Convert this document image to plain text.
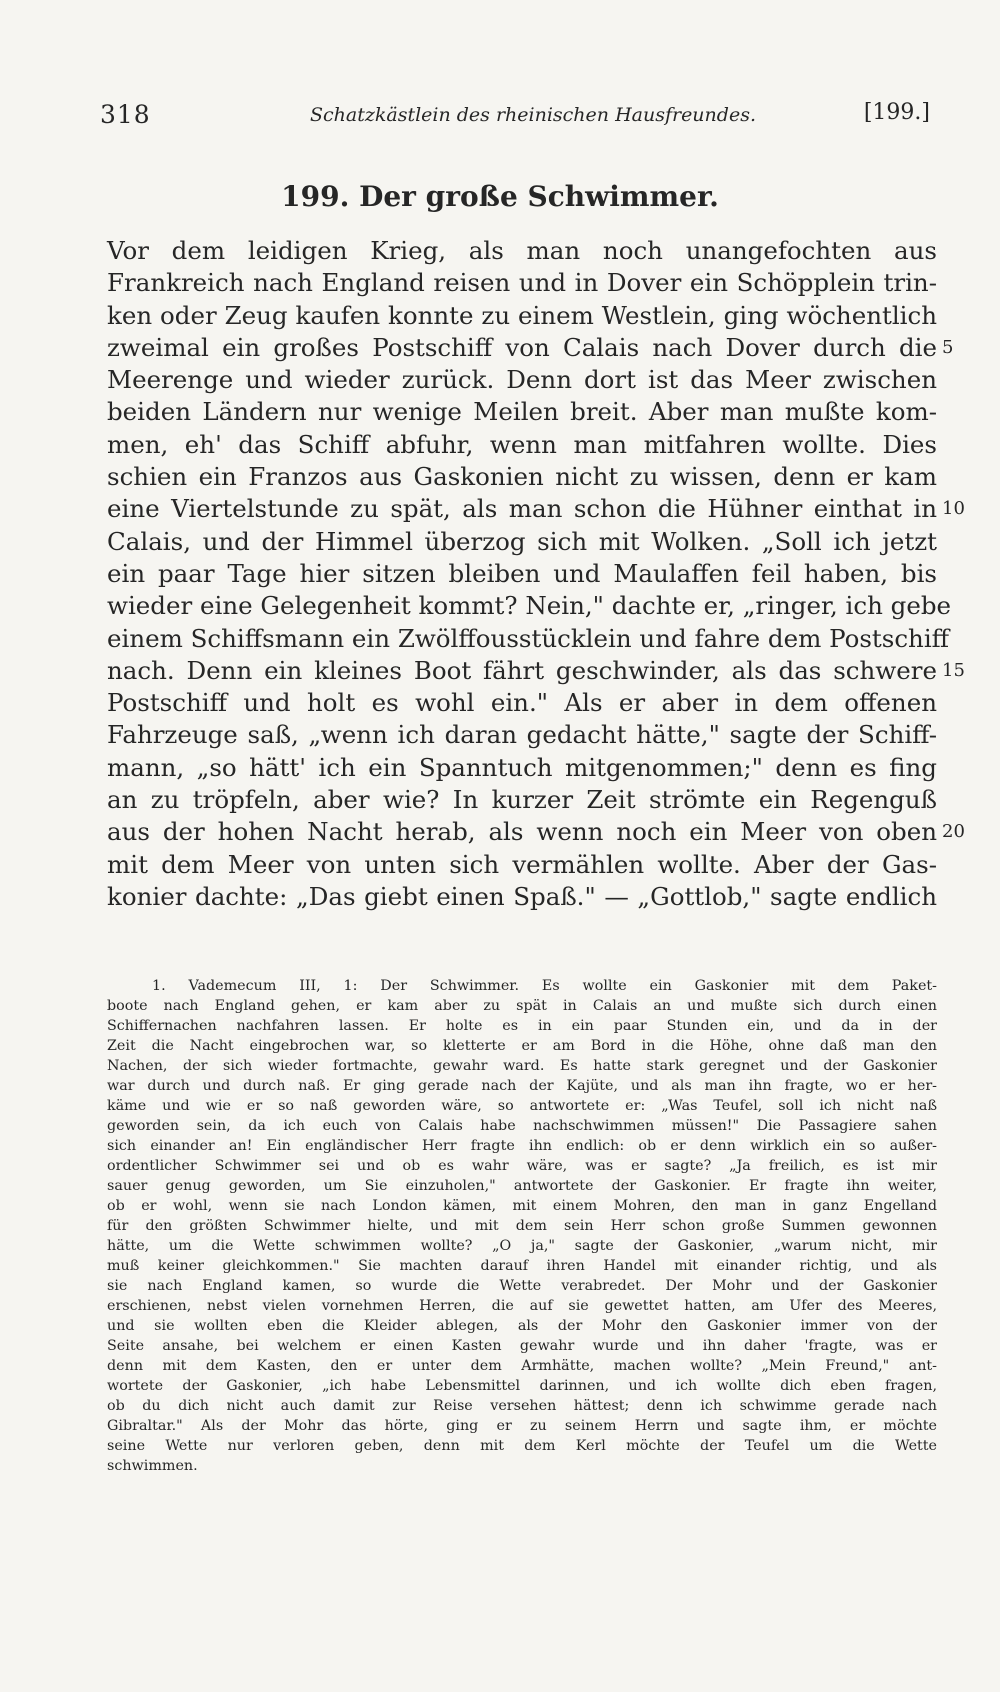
318	Schatzkästlein des rheinischen Hausfreundes.	[199.]
199. Der große Schwimmer.
Vor dem leidigen Krieg, als man noch unangefochten aus
Frankreich nach England reisen und in Dover ein Schöpplein trin-
ken oder Zeug kaufen konnte zu einem Westlein, ging wöchentlich
zweimal ein großes Postschiff von Calais nach Dover durch die 5
Meerenge und wieder zurück. Denn dort ist das Meer zwischen
beiden Ländern nur wenige Meilen breit. Aber man mußte kom-
men, eh' das Schiff abfuhr, wenn man mitfahren wollte. Dies
schien ein Franzos aus Gaskonien nicht zu wissen, denn er kam
eine Viertelstunde zu spät, als man schon die Hühner einthat in 10
Calais, und der Himmel überzog sich mit Wolken. „Soll ich jetzt
ein paar Tage hier sitzen bleiben und Maulaffen feil haben, bis
wieder eine Gelegenheit kommt? Nein," dachte er, „ringer, ich gebe
einem Schiffsmann ein Zwölffousstücklein und fahre dem Postschiff
nach. Denn ein kleines Boot fährt geschwinder, als das schwere 15
Postschiff und holt es wohl ein." Als er aber in dem offenen
Fahrzeuge saß, „wenn ich daran gedacht hätte," sagte der Schiff-
mann, „so hätt' ich ein Spanntuch mitgenommen;" denn es fing
an zu tröpfeln, aber wie? In kurzer Zeit strömte ein Regenguß
aus der hohen Nacht herab, als wenn noch ein Meer von oben 20
mit dem Meer von unten sich vermählen wollte. Aber der Gas-
konier dachte: „Das giebt einen Spaß." — „Gottlob," sagte endlich
1. Vademecum III, 1: Der Schwimmer. Es wollte ein Gaskonier mit dem Paket-
boote nach England gehen, er kam aber zu spät in Calais an und mußte sich durch einen
Schiffernachen nachfahren lassen. Er holte es in ein paar Stunden ein, und da in der
Zeit die Nacht eingebrochen war, so kletterte er am Bord in die Höhe, ohne daß man den
Nachen, der sich wieder fortmachte, gewahr ward. Es hatte stark geregnet und der Gaskonier
war durch und durch naß. Er ging gerade nach der Kajüte, und als man ihn fragte, wo er her-
käme und wie er so naß geworden wäre, so antwortete er: „Was Teufel, soll ich nicht naß
geworden sein, da ich euch von Calais habe nachschwimmen müssen!" Die Passagiere sahen
sich einander an! Ein engländischer Herr fragte ihn endlich: ob er denn wirklich ein so außer-
ordentlicher Schwimmer sei und ob es wahr wäre, was er sagte? „Ja freilich, es ist mir
sauer genug geworden, um Sie einzuholen," antwortete der Gaskonier. Er fragte ihn weiter,
ob er wohl, wenn sie nach London kämen, mit einem Mohren, den man in ganz Engelland
für den größten Schwimmer hielte, und mit dem sein Herr schon große Summen gewonnen
hätte, um die Wette schwimmen wollte? „O ja," sagte der Gaskonier, „warum nicht, mir
muß keiner gleichkommen." Sie machten darauf ihren Handel mit einander richtig, und als
sie nach England kamen, so wurde die Wette verabredet. Der Mohr und der Gaskonier
erschienen, nebst vielen vornehmen Herren, die auf sie gewettet hatten, am Ufer des Meeres,
und sie wollten eben die Kleider ablegen, als der Mohr den Gaskonier immer von der
Seite ansahe, bei welchem er einen Kasten gewahr wurde und ihn daher 'fragte, was er
denn mit dem Kasten, den er unter dem Armhätte, machen wollte? „Mein Freund," ant-
wortete der Gaskonier, „ich habe Lebensmittel darinnen, und ich wollte dich eben fragen,
ob du dich nicht auch damit zur Reise versehen hättest; denn ich schwimme gerade nach
Gibraltar." Als der Mohr das hörte, ging er zu seinem Herrn und sagte ihm, er möchte
seine Wette nur verloren geben, denn mit dem Kerl möchte der Teufel um die Wette
schwimmen.
